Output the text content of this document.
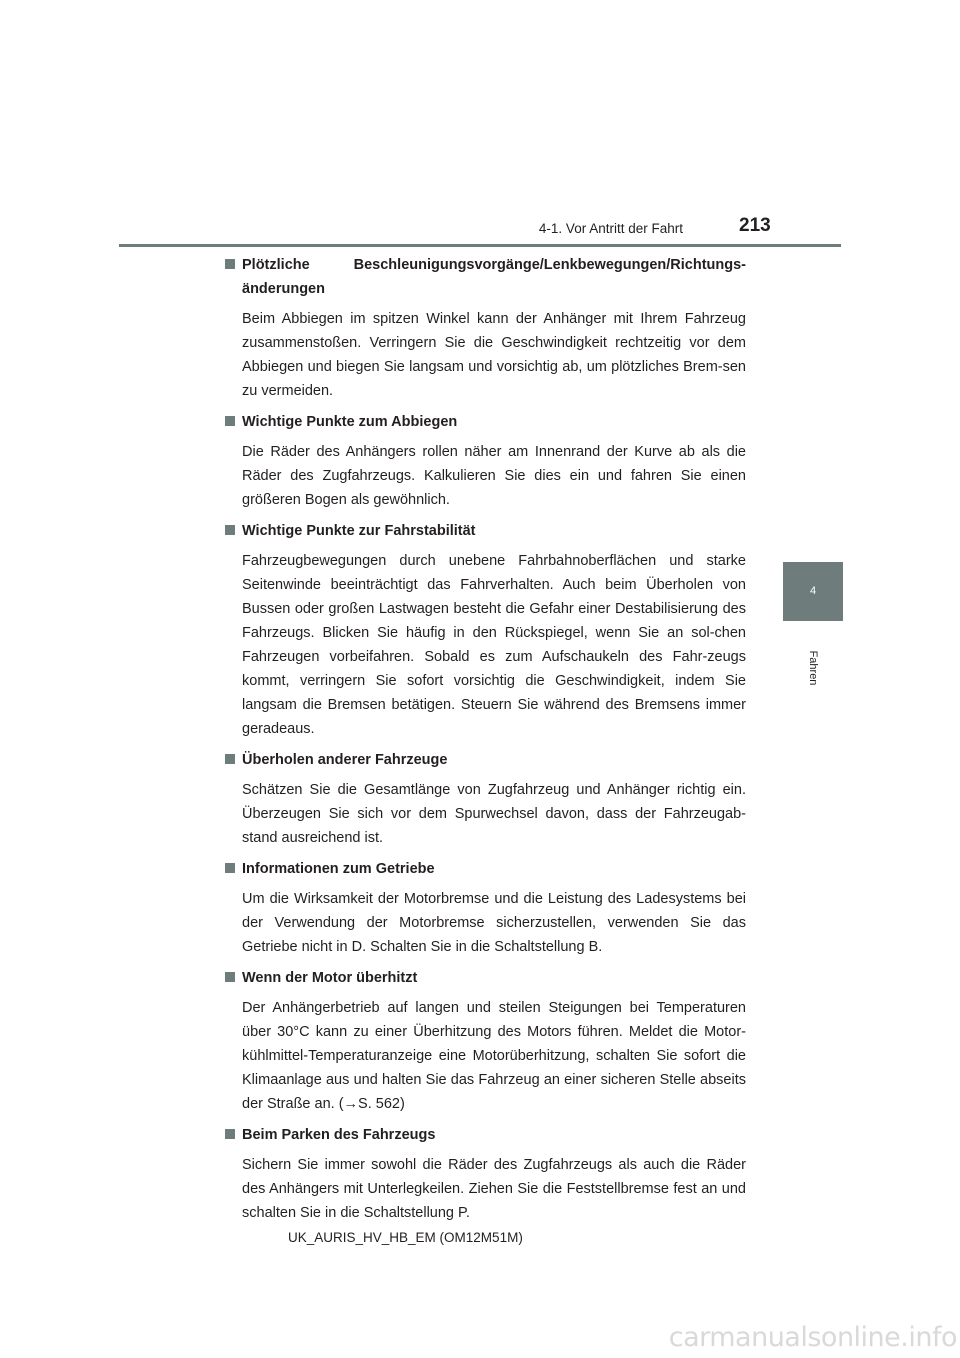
4-1. Vor Antritt der Fahrt	213
4
Fahren
Plötzliche Beschleunigungsvorgänge/Lenkbewegungen/Richtungs-änderungen
Beim Abbiegen im spitzen Winkel kann der Anhänger mit Ihrem Fahrzeug zusammenstoßen. Verringern Sie die Geschwindigkeit rechtzeitig vor dem Abbiegen und biegen Sie langsam und vorsichtig ab, um plötzliches Brem-sen zu vermeiden.
Wichtige Punkte zum Abbiegen
Die Räder des Anhängers rollen näher am Innenrand der Kurve ab als die Räder des Zugfahrzeugs. Kalkulieren Sie dies ein und fahren Sie einen größeren Bogen als gewöhnlich.
Wichtige Punkte zur Fahrstabilität
Fahrzeugbewegungen durch unebene Fahrbahnoberflächen und starke Seitenwinde beeinträchtigt das Fahrverhalten. Auch beim Überholen von Bussen oder großen Lastwagen besteht die Gefahr einer Destabilisierung des Fahrzeugs. Blicken Sie häufig in den Rückspiegel, wenn Sie an sol-chen Fahrzeugen vorbeifahren. Sobald es zum Aufschaukeln des Fahr-zeugs kommt, verringern Sie sofort vorsichtig die Geschwindigkeit, indem Sie langsam die Bremsen betätigen. Steuern Sie während des Bremsens immer geradeaus.
Überholen anderer Fahrzeuge
Schätzen Sie die Gesamtlänge von Zugfahrzeug und Anhänger richtig ein. Überzeugen Sie sich vor dem Spurwechsel davon, dass der Fahrzeugab-stand ausreichend ist.
Informationen zum Getriebe
Um die Wirksamkeit der Motorbremse und die Leistung des Ladesystems bei der Verwendung der Motorbremse sicherzustellen, verwenden Sie das Getriebe nicht in D. Schalten Sie in die Schaltstellung B.
Wenn der Motor überhitzt
Der Anhängerbetrieb auf langen und steilen Steigungen bei Temperaturen über 30°C kann zu einer Überhitzung des Motors führen. Meldet die Motor-kühlmittel-Temperaturanzeige eine Motorüberhitzung, schalten Sie sofort die Klimaanlage aus und halten Sie das Fahrzeug an einer sicheren Stelle abseits der Straße an. (→S. 562)
Beim Parken des Fahrzeugs
Sichern Sie immer sowohl die Räder des Zugfahrzeugs als auch die Räder des Anhängers mit Unterlegkeilen. Ziehen Sie die Feststellbremse fest an und schalten Sie in die Schaltstellung P.
UK_AURIS_HV_HB_EM (OM12M51M)
carmanualsonline.info
